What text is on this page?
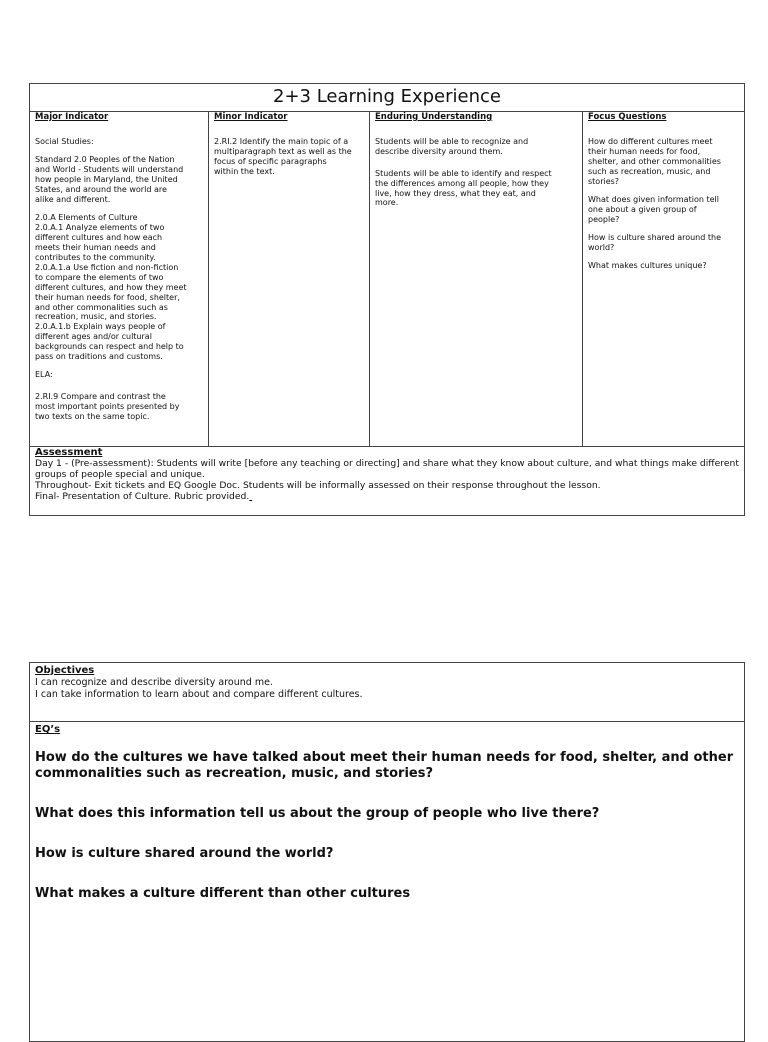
2+3 Learning Experience
Major Indicator

Social Studies:

Standard 2.0 Peoples of the Nation
and World - Students will understand
how people in Maryland, the United
States, and around the world are
alike and different.

2.0.A Elements of Culture
2.0.A.1 Analyze elements of two
different cultures and how each
meets their human needs and
contributes to the community.
2.0.A.1.a Use fiction and non-fiction
to compare the elements of two
different cultures, and how they meet
their human needs for food, shelter,
and other commonalities such as
recreation, music, and stories.
2.0.A.1.b Explain ways people of
different ages and/or cultural
backgrounds can respect and help to
pass on traditions and customs.

ELA:

2.RI.9 Compare and contrast the
most important points presented by
two texts on the same topic.

Minor Indicator

2.RI.2 Identify the main topic of a
multiparagraph text as well as the
focus of specific paragraphs
within the text.

Enduring Understanding

Students will be able to recognize and
describe diversity around them.

Students will be able to identify and respect
the differences among all people, how they
live, how they dress, what they eat, and
more.

Focus Questions

How do different cultures meet
their human needs for food,
shelter, and other commonalities
such as recreation, music, and
stories?

What does given information tell
one about a given group of
people?

How is culture shared around the
world?

What makes cultures unique?

Assessment

Day 1 - (Pre-assessment): Students will write [before any teaching or directing] and share what they know about culture, and what things make different groups of people special and unique.

Throughout- Exit tickets and EQ Google Doc. Students will be informally assessed on their response throughout the lesson.

Final- Presentation of Culture. Rubric provided.

Objectives
I can recognize and describe diversity around me.
I can take information to learn about and compare different cultures.
EQ’s

How do the cultures we have talked about meet their human needs for food, shelter, and other commonalities such as recreation, music, and stories?

What does this information tell us about the group of people who live there?

How is culture shared around the world?

What makes a culture different than other cultures
